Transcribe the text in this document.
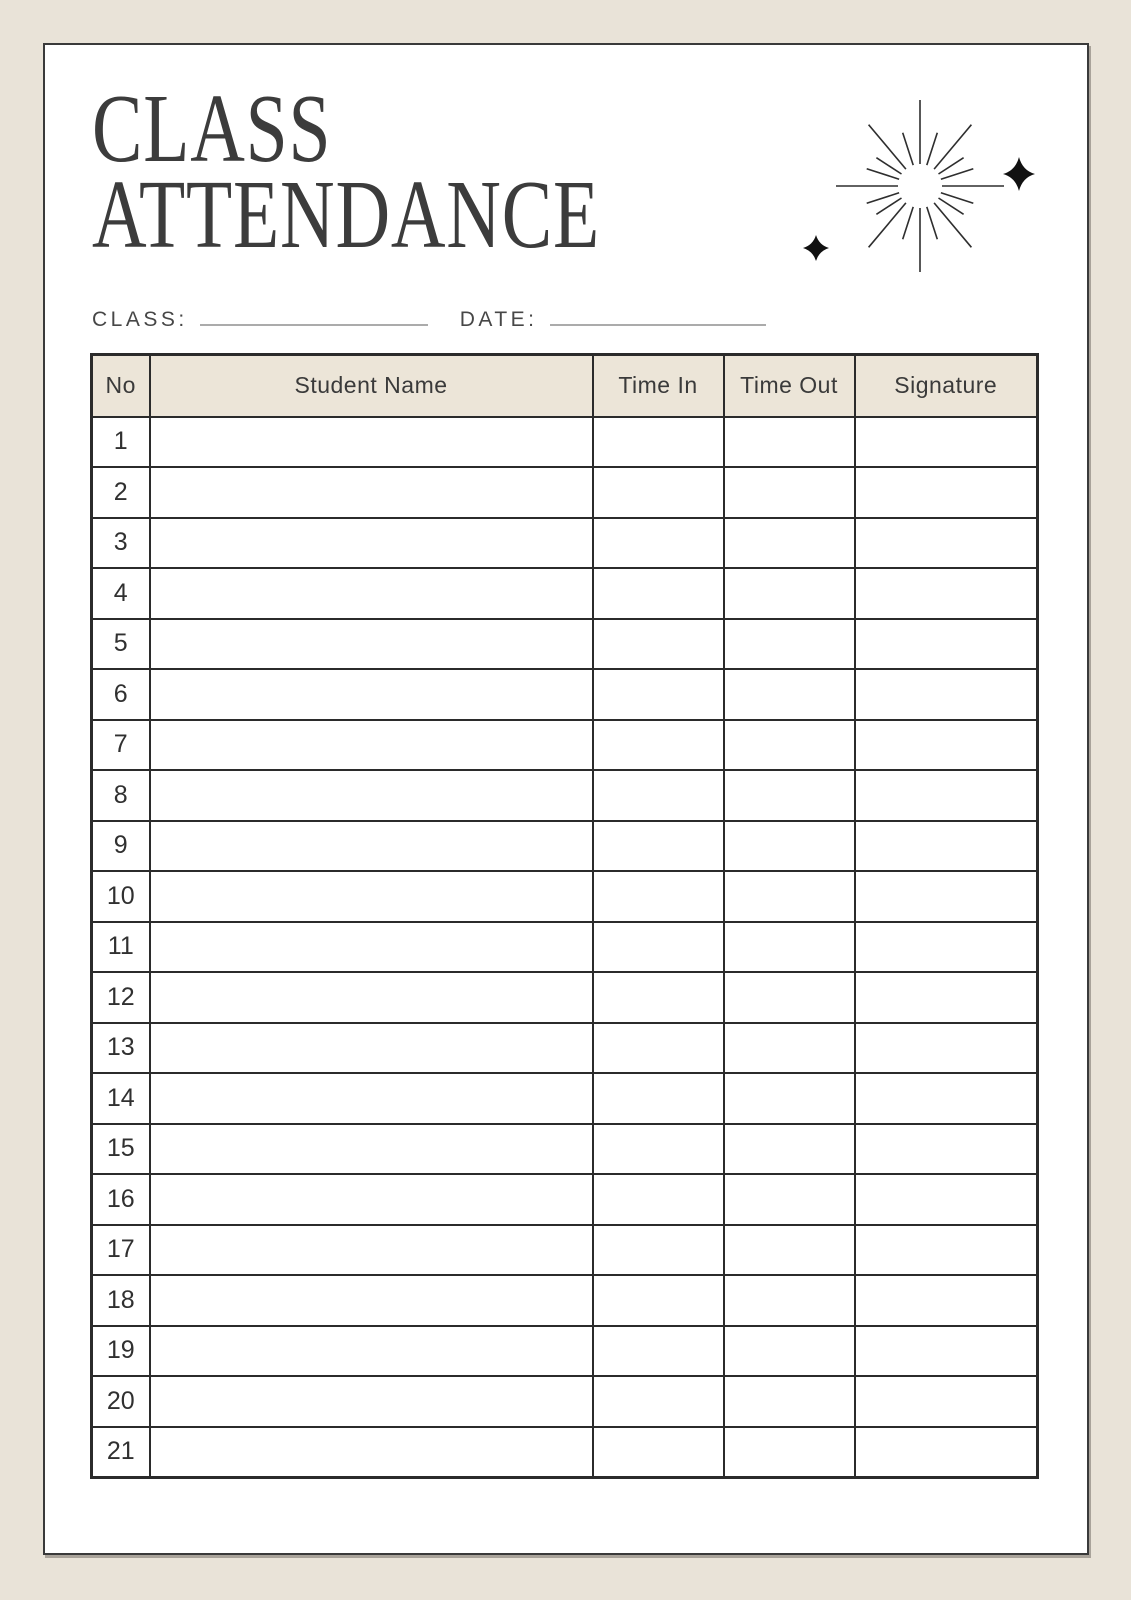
CLASS
ATTENDANCE
CLASS:	DATE:
No	Student Name	Time In	Time Out	Signature
1				
2				
3				
4				
5				
6				
7				
8				
9				
10				
11				
12				
13				
14				
15				
16				
17				
18				
19				
20				
21				
